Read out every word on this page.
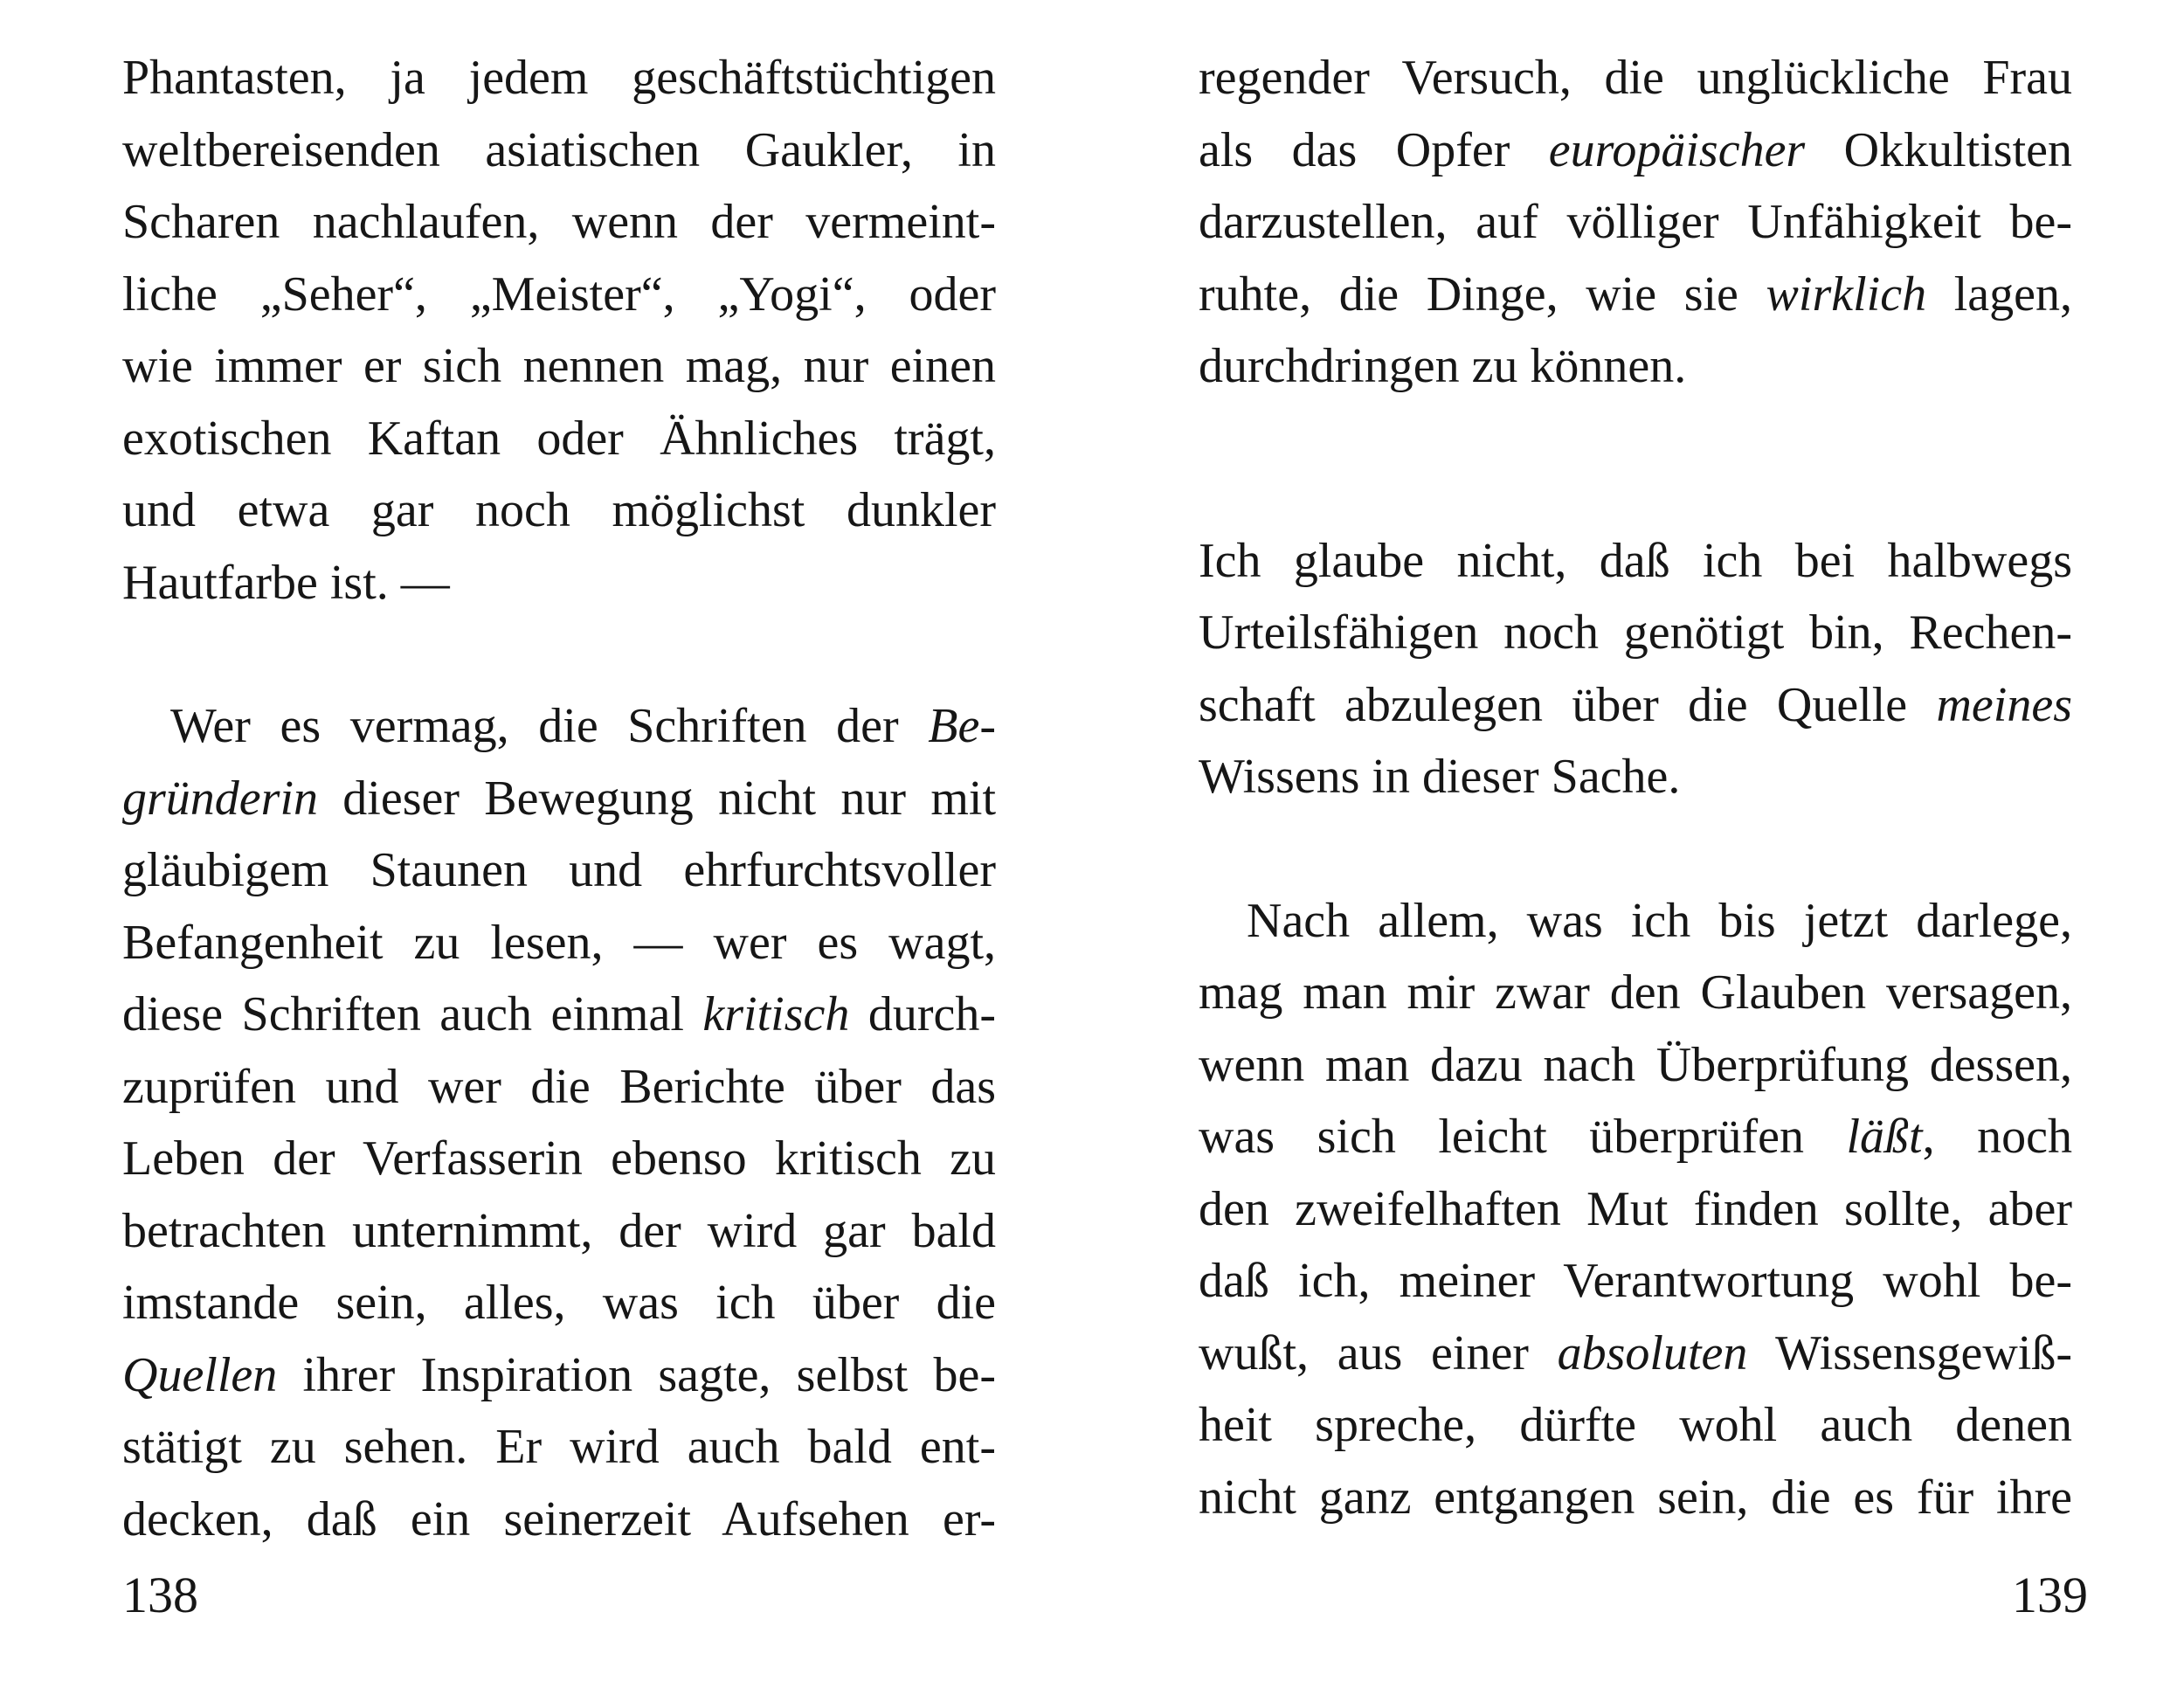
Phantasten, ja jedem geschäftstüchtigen
weltbereisenden asiatischen Gaukler, in
Scharen nachlaufen, wenn der vermeint-
liche „Seher“, „Meister“, „Yogi“, oder
wie immer er sich nennen mag, nur einen
exotischen Kaftan oder Ähnliches trägt,
und etwa gar noch möglichst dunkler
Hautfarbe ist. —
Wer es vermag, die Schriften der Be-
gründerin dieser Bewegung nicht nur mit
gläubigem Staunen und ehrfurchtsvoller
Befangenheit zu lesen, — wer es wagt,
diese Schriften auch einmal kritisch durch-
zuprüfen und wer die Berichte über das
Leben der Verfasserin ebenso kritisch zu
betrachten unternimmt, der wird gar bald
imstande sein, alles, was ich über die
Quellen ihrer Inspiration sagte, selbst be-
stätigt zu sehen. Er wird auch bald ent-
decken, daß ein seinerzeit Aufsehen er-
138
regender Versuch, die unglückliche Frau
als das Opfer europäischer Okkultisten
darzustellen, auf völliger Unfähigkeit be-
ruhte, die Dinge, wie sie wirklich lagen,
durchdringen zu können.
Ich glaube nicht, daß ich bei halbwegs
Urteilsfähigen noch genötigt bin, Rechen-
schaft abzulegen über die Quelle meines
Wissens in dieser Sache.
Nach allem, was ich bis jetzt darlege,
mag man mir zwar den Glauben versagen,
wenn man dazu nach Überprüfung dessen,
was sich leicht überprüfen läßt, noch
den zweifelhaften Mut finden sollte, aber
daß ich, meiner Verantwortung wohl be-
wußt, aus einer absoluten Wissensgewiß-
heit spreche, dürfte wohl auch denen
nicht ganz entgangen sein, die es für ihre
139
